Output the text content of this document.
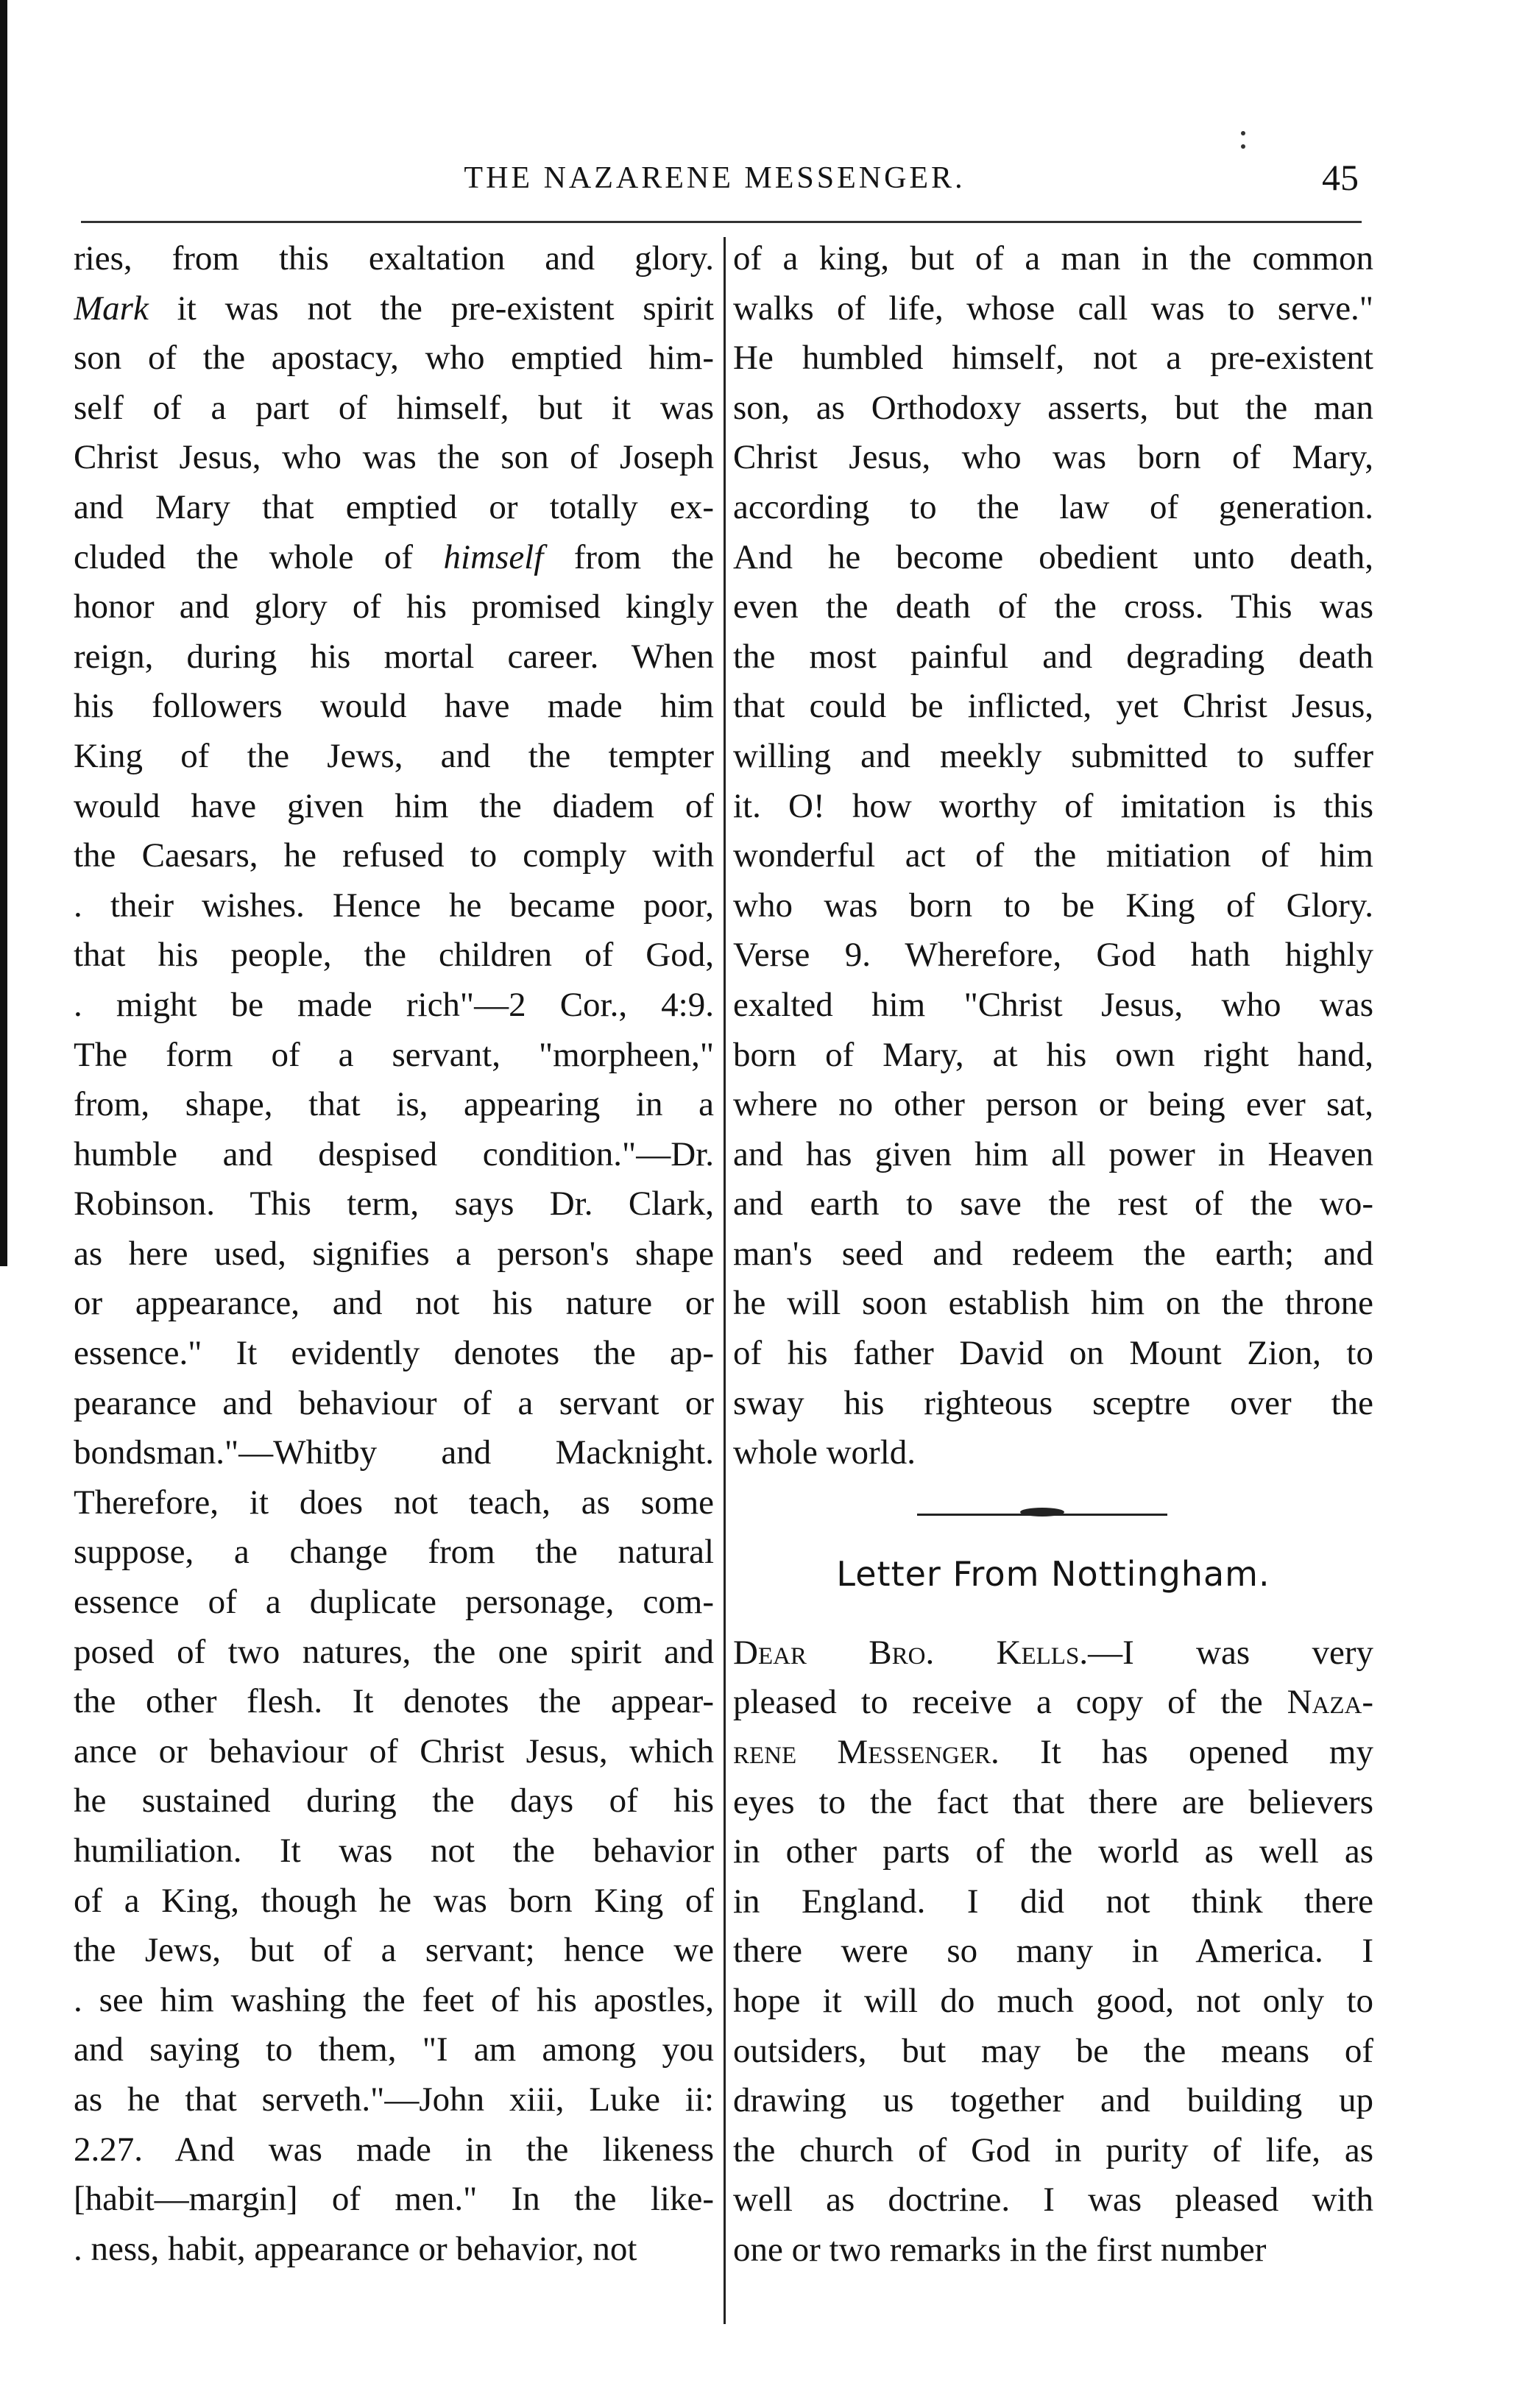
THE NAZARENE MESSENGER.	45
ries, from this exaltation and glory.
Mark it was not the pre-existent spirit
son of the apostacy, who emptied him-
self of a part of himself, but it was
Christ Jesus, who was the son of Joseph
and Mary that emptied or totally ex-
cluded the whole of himself from the
honor and glory of his promised kingly
reign, during his mortal career. When
his followers would have made him
King of the Jews, and the tempter
would have given him the diadem of
the Caesars, he refused to comply with
. their wishes. Hence he became poor,
that his people, the children of God,
. might be made rich"—2 Cor., 4:9.
The form of a servant, "morpheen,"
from, shape, that is, appearing in a
humble and despised condition."—Dr.
Robinson. This term, says Dr. Clark,
as here used, signifies a person's shape
or appearance, and not his nature or
essence." It evidently denotes the ap-
pearance and behaviour of a servant or
bondsman."—Whitby and Macknight.
Therefore, it does not teach, as some
suppose, a change from the natural
essence of a duplicate personage, com-
posed of two natures, the one spirit and
the other flesh. It denotes the appear-
ance or behaviour of Christ Jesus, which
he sustained during the days of his
humiliation. It was not the behavior
of a King, though he was born King of
the Jews, but of a servant; hence we
. see him washing the feet of his apostles,
and saying to them, "I am among you
as he that serveth."—John xiii, Luke ii:
2.27. And was made in the likeness
[habit—margin] of men." In the like-
. ness, habit, appearance or behavior, not
of a king, but of a man in the common
walks of life, whose call was to serve."
He humbled himself, not a pre-existent
son, as Orthodoxy asserts, but the man
Christ Jesus, who was born of Mary,
according to the law of generation.
And he become obedient unto death,
even the death of the cross. This was
the most painful and degrading death
that could be inflicted, yet Christ Jesus,
willing and meekly submitted to suffer
it. O! how worthy of imitation is this
wonderful act of the mitiation of him
who was born to be King of Glory.
Verse 9. Wherefore, God hath highly
exalted him "Christ Jesus, who was
born of Mary, at his own right hand,
where no other person or being ever sat,
and has given him all power in Heaven
and earth to save the rest of the wo-
man's seed and redeem the earth; and
he will soon establish him on the throne
of his father David on Mount Zion, to
sway his righteous sceptre over the
whole world.
Letter From Nottingham.
Dear Bro. Kells.—I was very
pleased to receive a copy of the Naza-
rene Messenger. It has opened my
eyes to the fact that there are believers
in other parts of the world as well as
in England. I did not think there
there were so many in America. I
hope it will do much good, not only to
outsiders, but may be the means of
drawing us together and building up
the church of God in purity of life, as
well as doctrine. I was pleased with
one or two remarks in the first number
